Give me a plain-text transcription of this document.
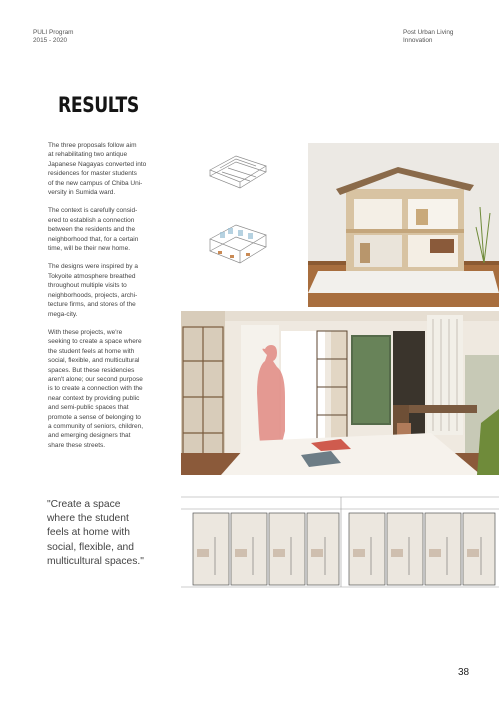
PULI Program
2015 - 2020
Post Urban Living
Innovation
RESULTS
The three proposals follow aim
at rehabilitating two antique
Japanese Nagayas converted into
residences for master students
of the new campus of Chiba Uni-
versity in Sumida ward.
The context is carefully consid-
ered to establish a connection
between the residents and the
neighborhood that, for a certain
time, will be their new home.
The designs were inspired by a
Tokyoite atmosphere breathed
throughout multiple visits to
neighborhoods, projects, archi-
tecture firms, and stores of the
mega-city.
With these projects, we're
seeking to create a space where
the student feels at home with
social, flexible, and multicultural
spaces. But these residencies
aren't alone; our second purpose
is to create a connection with the
near context by providing public
and semi-public spaces that
promote a sense of belonging to
a community of seniors, children,
and emerging designers that
share these streets.
"Create a space
where the student
feels at home with
social, flexible, and
multicultural spaces."
38
